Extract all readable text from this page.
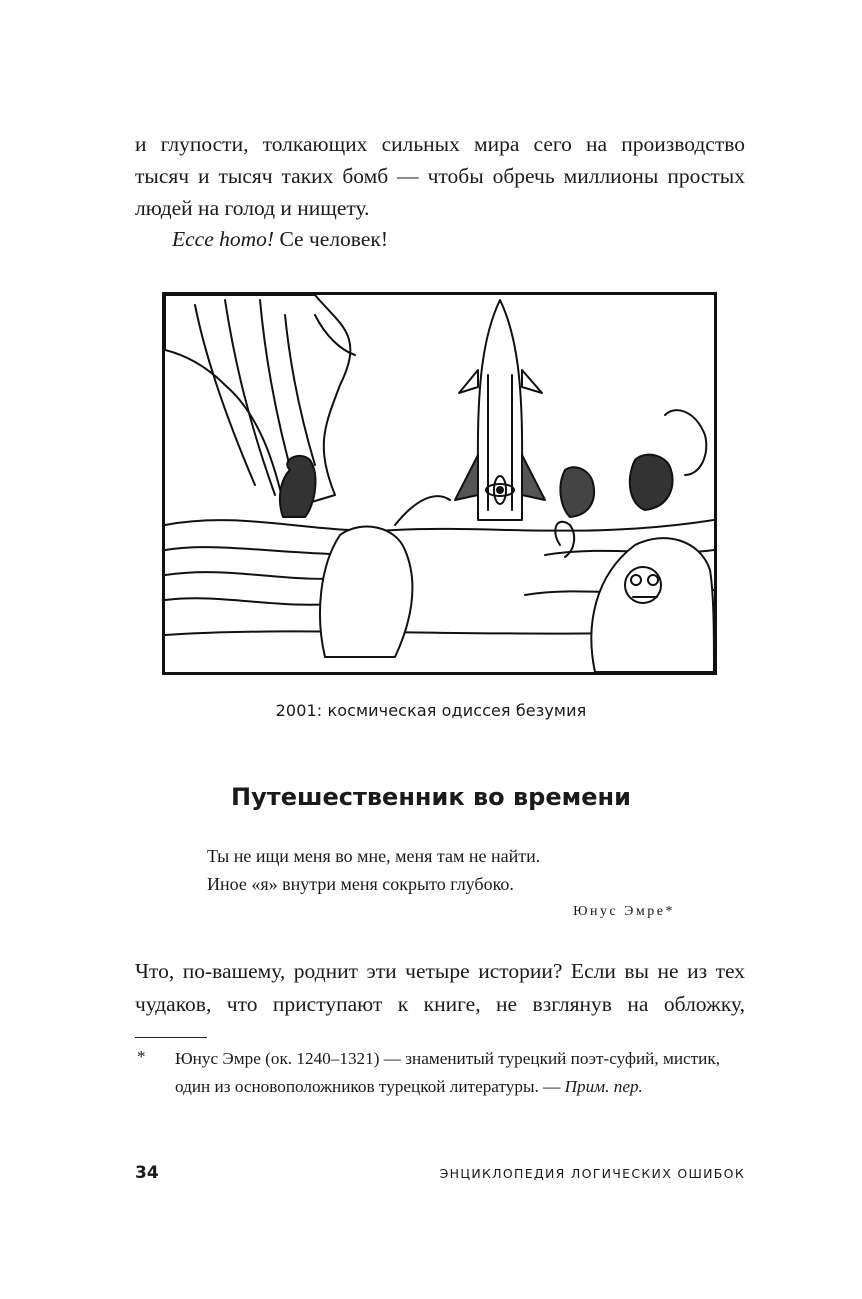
и глупости, толкающих сильных мира сего на производство
тысяч и тысяч таких бомб — чтобы обречь миллионы простых
людей на голод и нищету.
Ecce homo! Се человек!
2001: космическая одиссея безумия
Путешественник во времени
Ты не ищи меня во мне, меня там не найти.
Иное «я» внутри меня сокрыто глубоко.
Юнус Эмре*
Что, по-вашему, роднит эти четыре истории? Если вы не из тех
чудаков, что приступают к книге, не взглянув на обложку,
* Юнус Эмре (ок. 1240–1321) — знаменитый турецкий поэт-суфий, мистик,
один из основоположников турецкой литературы. — Прим. пер.
34	ЭНЦИКЛОПЕДИЯ ЛОГИЧЕСКИХ ОШИБОК
